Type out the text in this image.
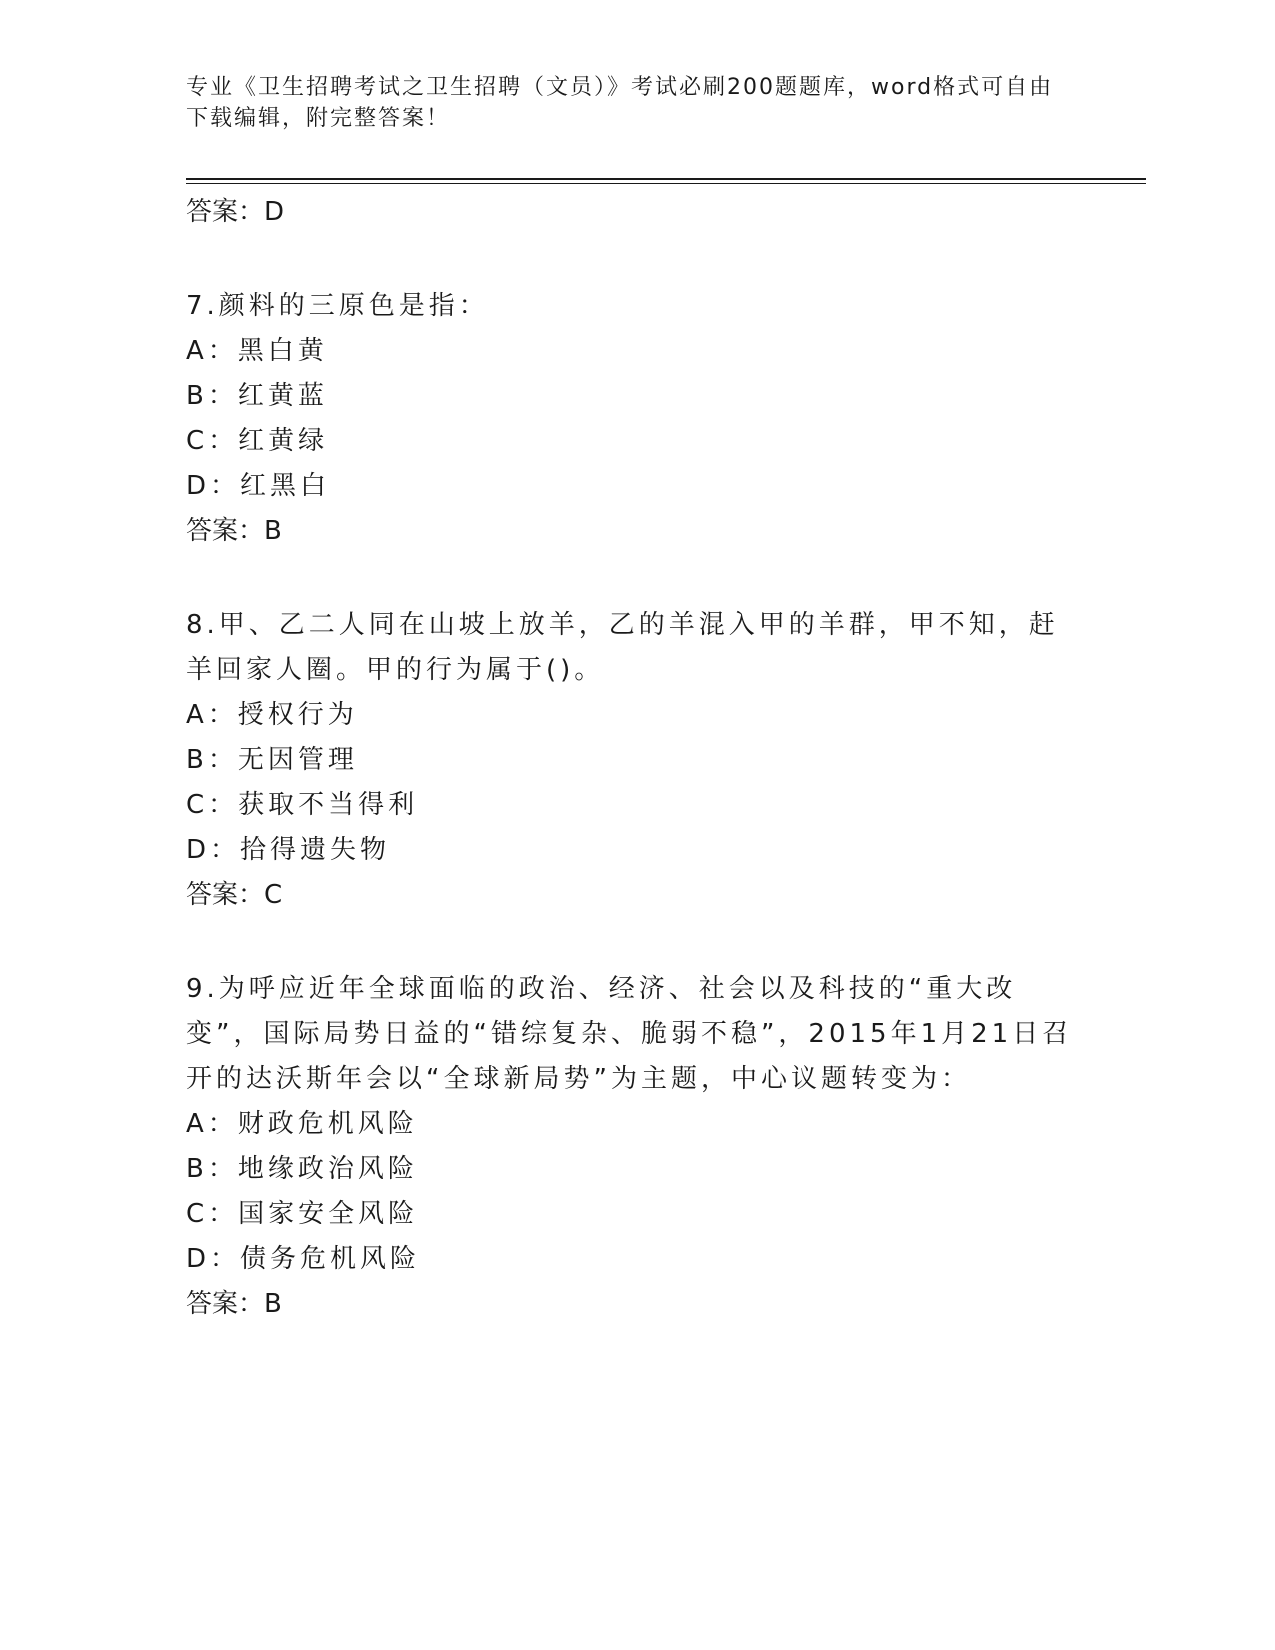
专业《卫生招聘考试之卫生招聘（文员）》考试必刷200题题库，word格式可自由下载编辑，附完整答案！
答案：D
7.颜料的三原色是指：
A：黑白黄
B：红黄蓝
C：红黄绿
D：红黑白
答案：B
8.甲、乙二人同在山坡上放羊，乙的羊混入甲的羊群，甲不知，赶羊回家人圈。甲的行为属于()。
A：授权行为
B：无因管理
C：获取不当得利
D：拾得遗失物
答案：C
9.为呼应近年全球面临的政治、经济、社会以及科技的“重大改变”，国际局势日益的“错综复杂、脆弱不稳”，2015年1月21日召开的达沃斯年会以“全球新局势”为主题，中心议题转变为：
A：财政危机风险
B：地缘政治风险
C：国家安全风险
D：债务危机风险
答案：B
